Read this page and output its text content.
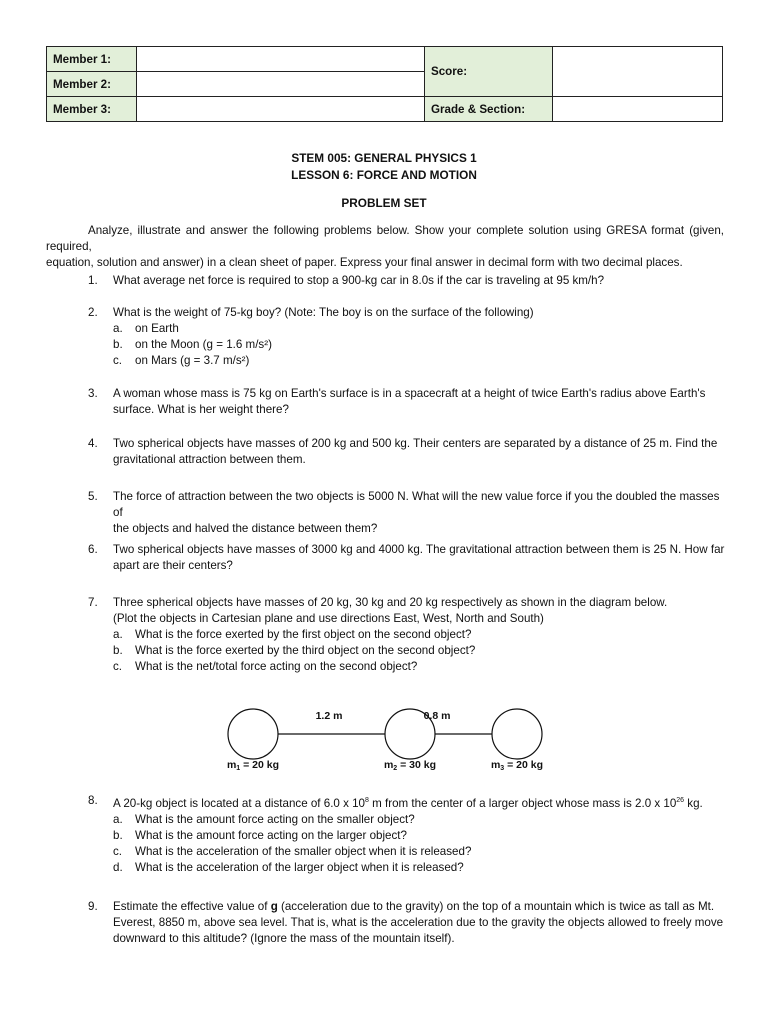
Member 1:		Score:	
Member 2:			
Member 3:		Grade & Section:	
STEM 005: GENERAL PHYSICS 1
LESSON 6: FORCE AND MOTION
PROBLEM SET
Analyze, illustrate and answer the following problems below. Show your complete solution using GRESA format (given, required,
equation, solution and answer) in a clean sheet of paper. Express your final answer in decimal form with two decimal places.
1.	What average net force is required to stop a 900-kg car in 8.0s if the car is traveling at 95 km/h?
2.	What is the weight of 75-kg boy? (Note: The boy is on the surface of the following)
a. on Earth
b. on the Moon (g = 1.6 m/s²)
c. on Mars (g = 3.7 m/s²)
3.	A woman whose mass is 75 kg on Earth's surface is in a spacecraft at a height of twice Earth's radius above Earth's
surface. What is her weight there?
4.	Two spherical objects have masses of 200 kg and 500 kg. Their centers are separated by a distance of 25 m. Find the
gravitational attraction between them.
5.	The force of attraction between the two objects is 5000 N. What will the new value force if you the doubled the masses of
the objects and halved the distance between them?
6.	Two spherical objects have masses of 3000 kg and 4000 kg. The gravitational attraction between them is 25 N. How far
apart are their centers?
7.	Three spherical objects have masses of 20 kg, 30 kg and 20 kg respectively as shown in the diagram below.
(Plot the objects in Cartesian plane and use directions East, West, North and South)
a. What is the force exerted by the first object on the second object?
b. What is the force exerted by the third object on the second object?
c. What is the net/total force acting on the second object?
1.2 m	0.8 m
m1 = 20 kg	m2 = 30 kg	m3 = 20 kg
8.	A 20-kg object is located at a distance of 6.0 x $10^8$ m from the center of a larger object whose mass is 2.0 x $10^{26}$ kg.
a. What is the amount force acting on the smaller object?
b. What is the amount force acting on the larger object?
c. What is the acceleration of the smaller object when it is released?
d. What is the acceleration of the larger object when it is released?
9.	Estimate the effective value of g (acceleration due to the gravity) on the top of a mountain which is twice as tall as Mt.
Everest, 8850 m, above sea level. That is, what is the acceleration due to the gravity the objects allowed to freely move
downward to this altitude? (Ignore the mass of the mountain itself).
